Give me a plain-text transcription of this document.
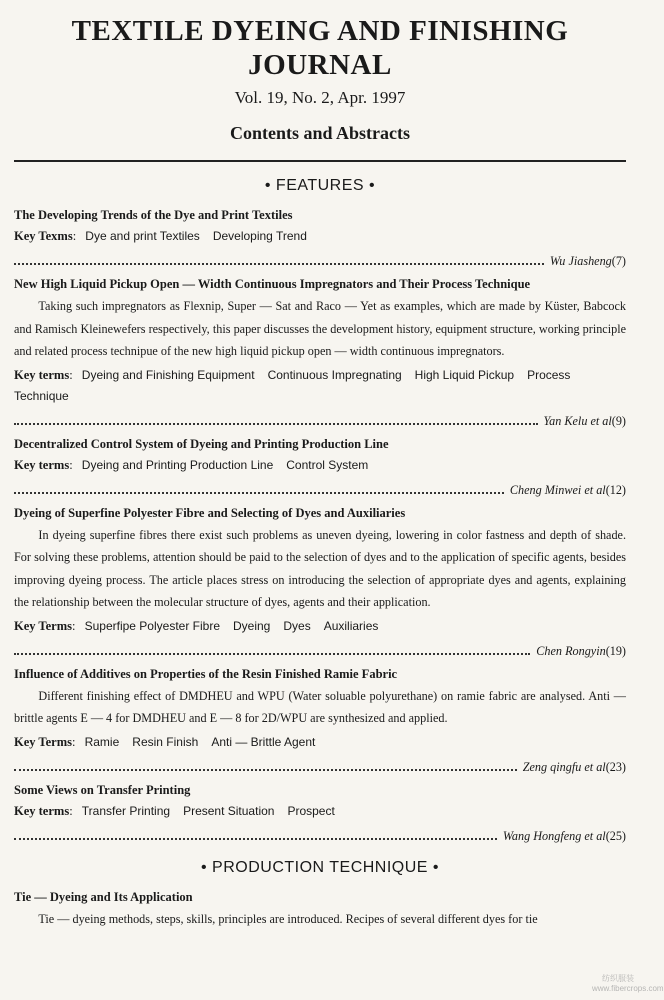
TEXTILE DYEING AND FINISHING JOURNAL
Vol. 19, No. 2, Apr. 1997
Contents and Abstracts
• FEATURES •
The Developing Trends of the Dye and Print Textiles
Key Texms: Dye and print Textiles Developing Trend
Wu Jiasheng (7)
New High Liquid Pickup Open — Width Continuous Impregnators and Their Process Technique
Taking such impregnators as Flexnip, Super — Sat and Raco — Yet as examples, which are made by Küster, Babcock and Ramisch Kleinewefers respectively, this paper discusses the development history, equipment structure, working principle and related process technipue of the new high liquid pickup open — width continuous impregnators.
Key terms: Dyeing and Finishing Equipment Continuous Impregnating High Liquid Pickup Process Technique
Yan Kelu et al (9)
Decentralized Control System of Dyeing and Printing Production Line
Key terms: Dyeing and Printing Production Line Control System
Cheng Minwei et al (12)
Dyeing of Superfine Polyester Fibre and Selecting of Dyes and Auxiliaries
In dyeing superfine fibres there exist such problems as uneven dyeing, lowering in color fastness and depth of shade. For solving these problems, attention should be paid to the selection of dyes and to the application of specific agents, besides improving dyeing process. The article places stress on introducing the selection of appropriate dyes and agents, explaining the relationship between the molecular structure of dyes, agents and their application.
Key Terms: Superfipe Polyester Fibre Dyeing Dyes Auxiliaries
Chen Rongyin (19)
Influence of Additives on Properties of the Resin Finished Ramie Fabric
Different finishing effect of DMDHEU and WPU (Water soluable polyurethane) on ramie fabric are analysed. Anti — brittle agents E — 4 for DMDHEU and E — 8 for 2D/WPU are synthesized and applied.
Key Terms: Ramie Resin Finish Anti — Brittle Agent
Zeng qingfu et al (23)
Some Views on Transfer Printing
Key terms: Transfer Printing Present Situation Prospect
Wang Hongfeng et al (25)
• PRODUCTION TECHNIQUE •
Tie — Dyeing and Its Application
Tie — dyeing methods, steps, skills, principles are introduced. Recipes of several different dyes for tie
纺织服装
www.fibercrops.com
